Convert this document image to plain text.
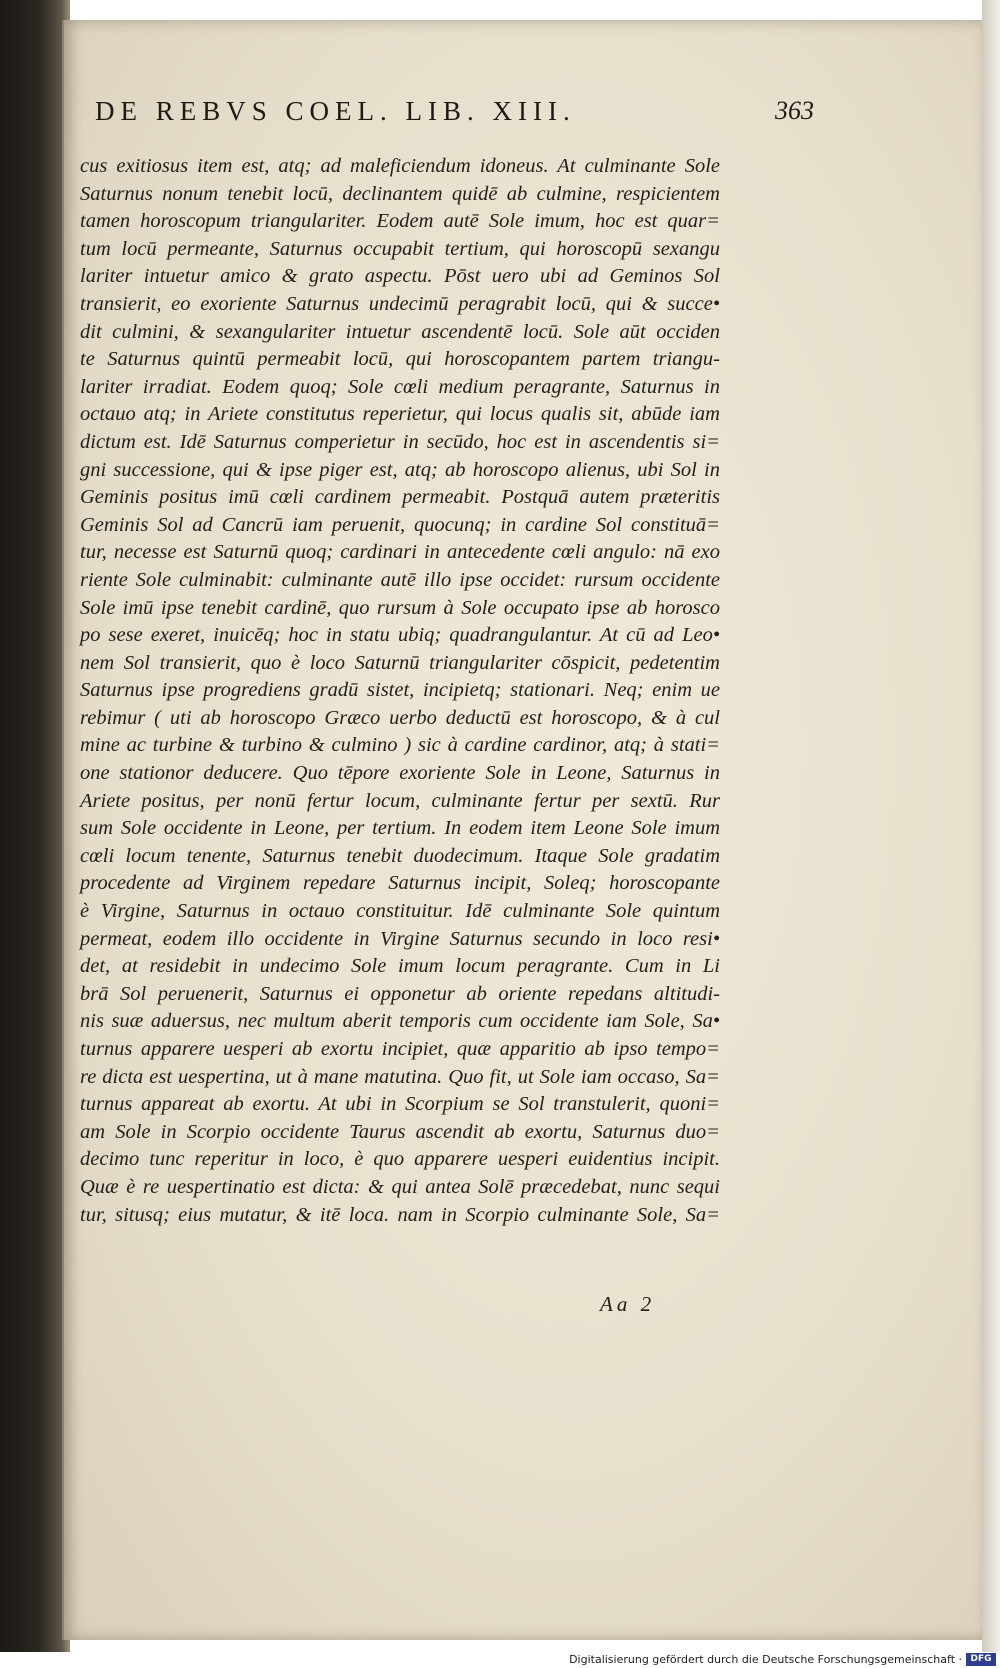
DE REBVS COEL. LIB. XIII.	363
cus exitiosus item est, atq; ad maleficiendum idoneus. At culminante Sole
Saturnus nonum tenebit locū, declinantem quidē ab culmine, respicientem
tamen horoscopum triangulariter. Eodem autē Sole imum, hoc est quar=
tum locū permeante, Saturnus occupabit tertium, qui horoscopū sexangu
lariter intuetur amico & grato aspectu. Pōst uero ubi ad Geminos Sol
transierit, eo exoriente Saturnus undecimū peragrabit locū, qui & succe•
dit culmini, & sexangulariter intuetur ascendentē locū. Sole aūt occiden
te Saturnus quintū permeabit locū, qui horoscopantem partem triangu-
lariter irradiat. Eodem quoq; Sole cœli medium peragrante, Saturnus in
octauo atq; in Ariete constitutus reperietur, qui locus qualis sit, abūde iam
dictum est. Idē Saturnus comperietur in secūdo, hoc est in ascendentis si=
gni successione, qui & ipse piger est, atq; ab horoscopo alienus, ubi Sol in
Geminis positus imū cœli cardinem permeabit. Postquā autem præteritis
Geminis Sol ad Cancrū iam peruenit, quocunq; in cardine Sol constituā=
tur, necesse est Saturnū quoq; cardinari in antecedente cœli angulo: nā exo
riente Sole culminabit: culminante autē illo ipse occidet: rursum occidente
Sole imū ipse tenebit cardinē, quo rursum à Sole occupato ipse ab horosco
po sese exeret, inuicēq; hoc in statu ubiq; quadrangulantur. At cū ad Leo•
nem Sol transierit, quo è loco Saturnū triangulariter cōspicit, pedetentim
Saturnus ipse progrediens gradū sistet, incipietq; stationari. Neq; enim ue
rebimur ( uti ab horoscopo Græco uerbo deductū est horoscopo, & à cul
mine ac turbine & turbino & culmino ) sic à cardine cardinor, atq; à stati=
one stationor deducere. Quo tēpore exoriente Sole in Leone, Saturnus in
Ariete positus, per nonū fertur locum, culminante fertur per sextū. Rur
sum Sole occidente in Leone, per tertium. In eodem item Leone Sole imum
cœli locum tenente, Saturnus tenebit duodecimum. Itaque Sole gradatim
procedente ad Virginem repedare Saturnus incipit, Soleq; horoscopante
è Virgine, Saturnus in octauo constituitur. Idē culminante Sole quintum
permeat, eodem illo occidente in Virgine Saturnus secundo in loco resi•
det, at residebit in undecimo Sole imum locum peragrante. Cum in Li
brā Sol peruenerit, Saturnus ei opponetur ab oriente repedans altitudi-
nis suæ aduersus, nec multum aberit temporis cum occidente iam Sole, Sa•
turnus apparere uesperi ab exortu incipiet, quæ apparitio ab ipso tempo=
re dicta est uespertina, ut à mane matutina. Quo fit, ut Sole iam occaso, Sa=
turnus appareat ab exortu. At ubi in Scorpium se Sol transtulerit, quoni=
am Sole in Scorpio occidente Taurus ascendit ab exortu, Saturnus duo=
decimo tunc reperitur in loco, è quo apparere uesperi euidentius incipit.
Quæ è re uespertinatio est dicta: & qui antea Solē præcedebat, nunc sequi
tur, situsq; eius mutatur, & itē loca. nam in Scorpio culminante Sole, Sa=
Aa 2
Digitalisierung gefördert durch die Deutsche Forschungsgemeinschaft · DFG
